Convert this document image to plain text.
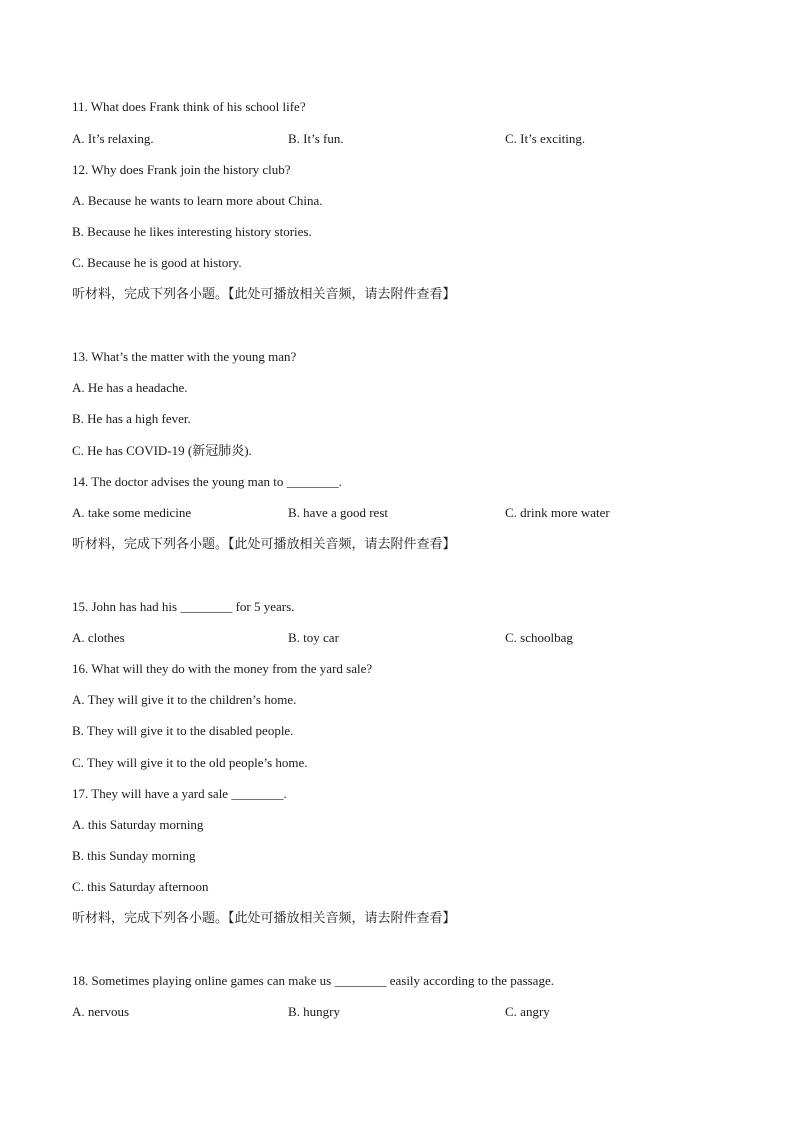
11. What does Frank think of his school life?
A. It’s relaxing.	B. It’s fun.	C. It’s exciting.
12. Why does Frank join the history club?
A. Because he wants to learn more about China.
B. Because he likes interesting history stories.
C. Because he is good at history.
听材料，完成下列各小题。【此处可播放相关音频，请去附件查看】
13. What’s the matter with the young man?
A. He has a headache.
B. He has a high fever.
C. He has COVID-19 (新冠肺炎).
14. The doctor advises the young man to ________.
A. take some medicine	B. have a good rest	C. drink more water
听材料，完成下列各小题。【此处可播放相关音频，请去附件查看】
15. John has had his ________ for 5 years.
A. clothes	B. toy car	C. schoolbag
16. What will they do with the money from the yard sale?
A. They will give it to the children’s home.
B. They will give it to the disabled people.
C. They will give it to the old people’s home.
17. They will have a yard sale ________.
A. this Saturday morning
B. this Sunday morning
C. this Saturday afternoon
听材料，完成下列各小题。【此处可播放相关音频，请去附件查看】
18. Sometimes playing online games can make us ________ easily according to the passage.
A. nervous	B. hungry	C. angry
